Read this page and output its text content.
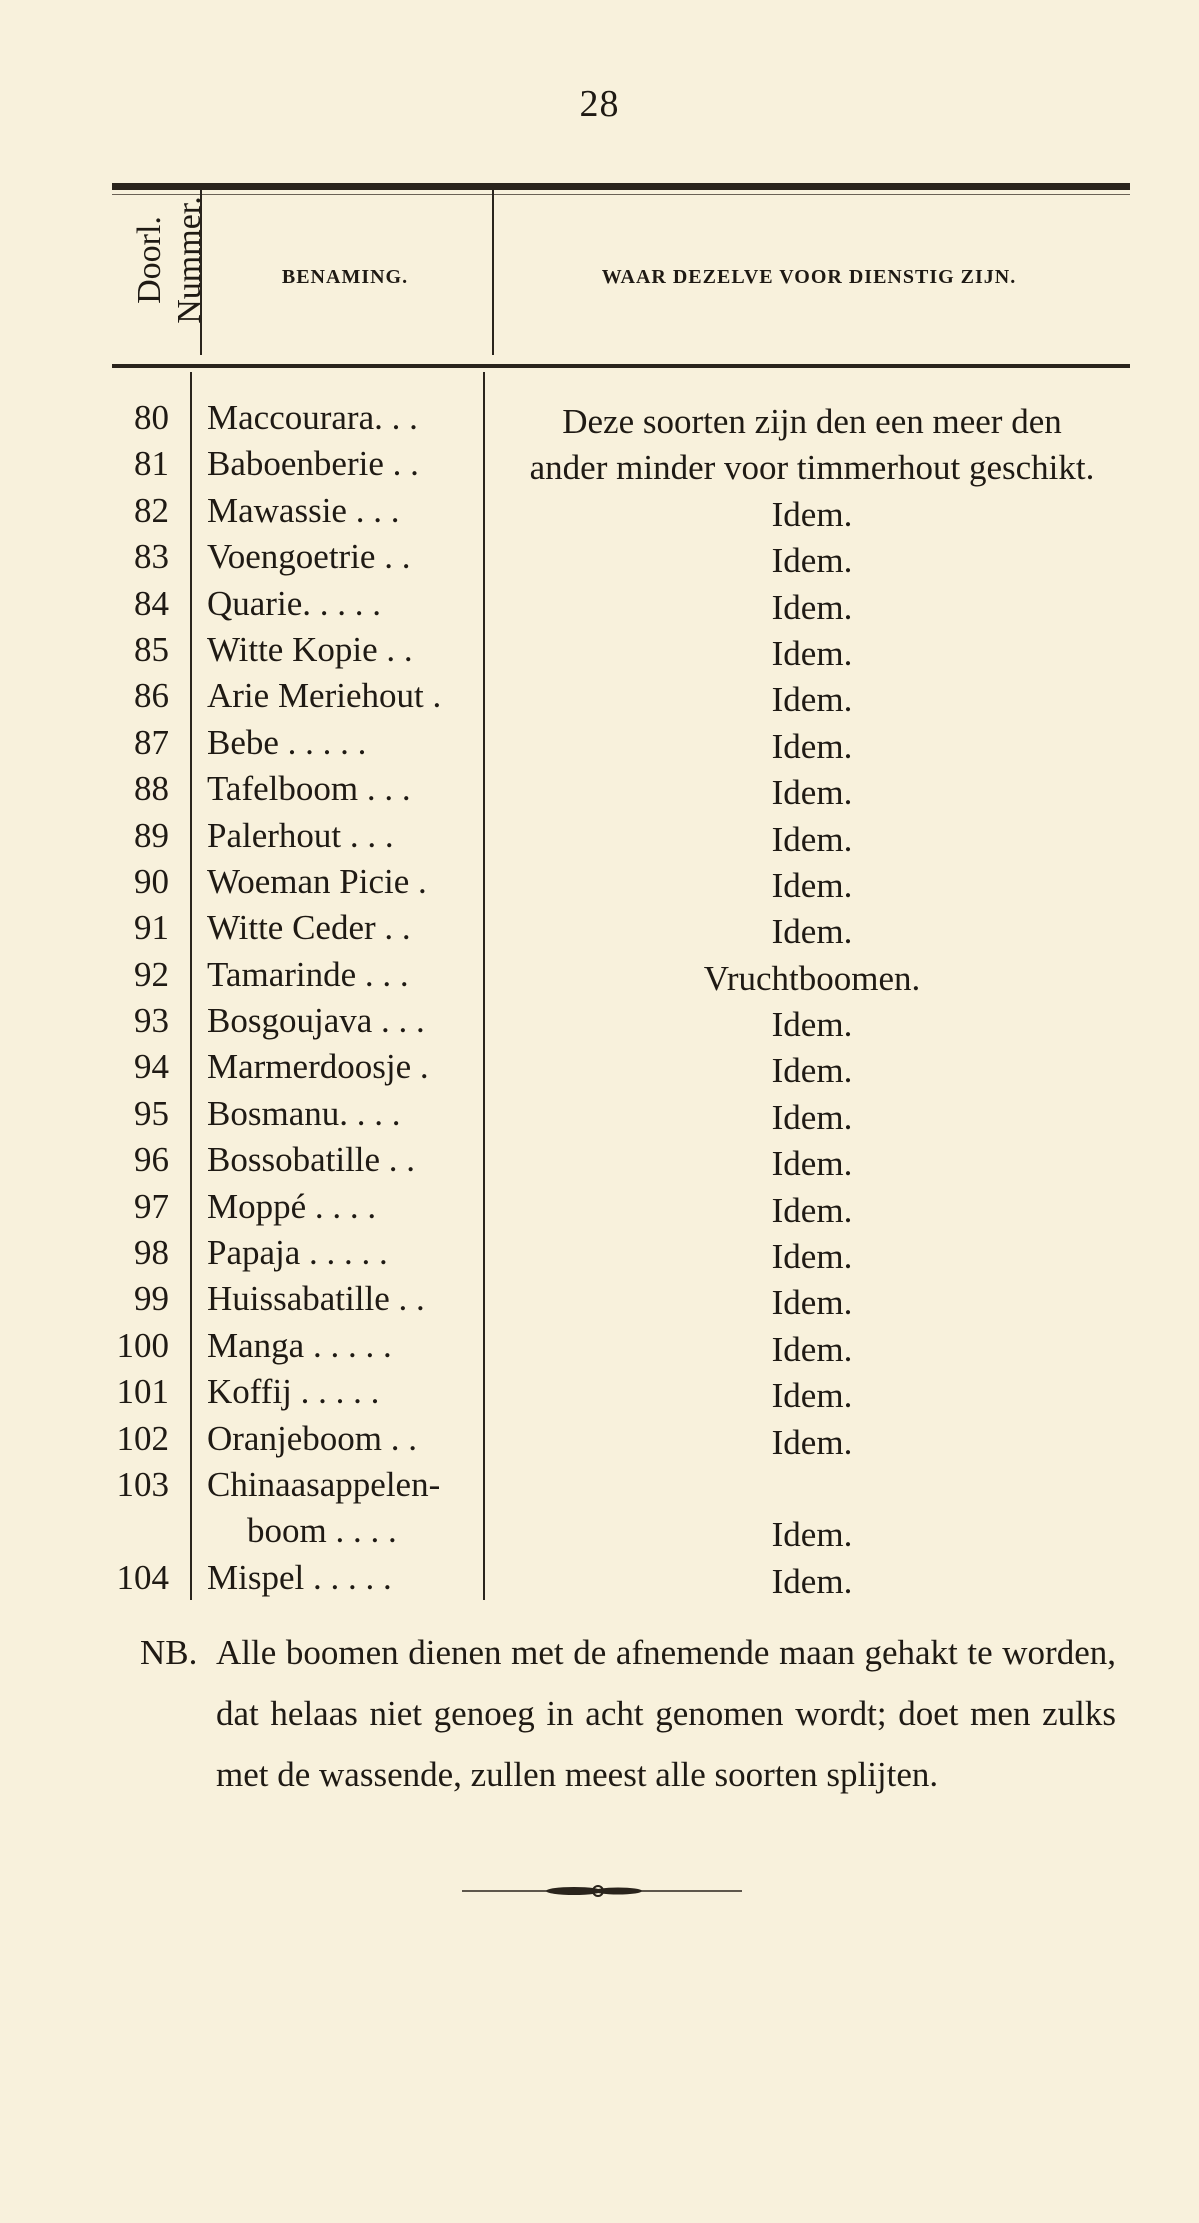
28
Doorl. Nummer.	BENAMING.	WAAR DEZELVE VOOR DIENSTIG ZIJN.
80 Maccourara. . .	Deze soorten zijn den een meer den
81 Baboenberie . .	ander minder voor timmerhout geschikt.
82 Mawassie . . .	Idem.
83 Voengoetrie . .	Idem.
84 Quarie. . . . .	Idem.
85 Witte Kopie . .	Idem.
86 Arie Meriehout .	Idem.
87 Bebe . . . . .	Idem.
88 Tafelboom . . .	Idem.
89 Palerhout . . .	Idem.
90 Woeman Picie .	Idem.
91 Witte Ceder . .	Idem.
92 Tamarinde . . .	Vruchtboomen.
93 Bosgoujava . . .	Idem.
94 Marmerdoosje .	Idem.
95 Bosmanu. . . .	Idem.
96 Bossobatille . .	Idem.
97 Moppé . . . .	Idem.
98 Papaja . . . . .	Idem.
99 Huissabatille . .	Idem.
100 Manga . . . . .	Idem.
101 Koffij . . . . .	Idem.
102 Oranjeboom . .	Idem.
103 Chinaasappelen-
boom . . . .	Idem.
104 Mispel . . . . .	Idem.
NB. Alle boomen dienen met de afnemende maan gehakt te worden, dat helaas niet genoeg in acht genomen wordt; doet men zulks met de wassende, zullen meest alle soorten splijten.
